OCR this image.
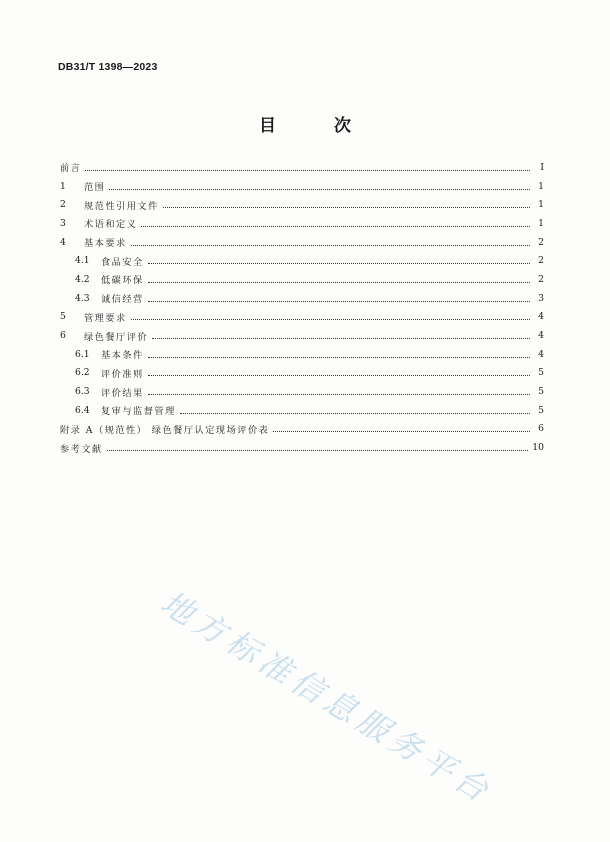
DB31/T 1398—2023
目 次
前言	I
1	范围	1
2	规范性引用文件	1
3	术语和定义	1
4	基本要求	2
4.1	食品安全	2
4.2	低碳环保	2
4.3	诚信经营	3
5	管理要求	4
6	绿色餐厅评价	4
6.1	基本条件	4
6.2	评价准则	5
6.3	评价结果	5
6.4	复审与监督管理	5
附录 A（规范性） 绿色餐厅认定现场评价表	6
参考文献	10
地方标准信息服务平台
